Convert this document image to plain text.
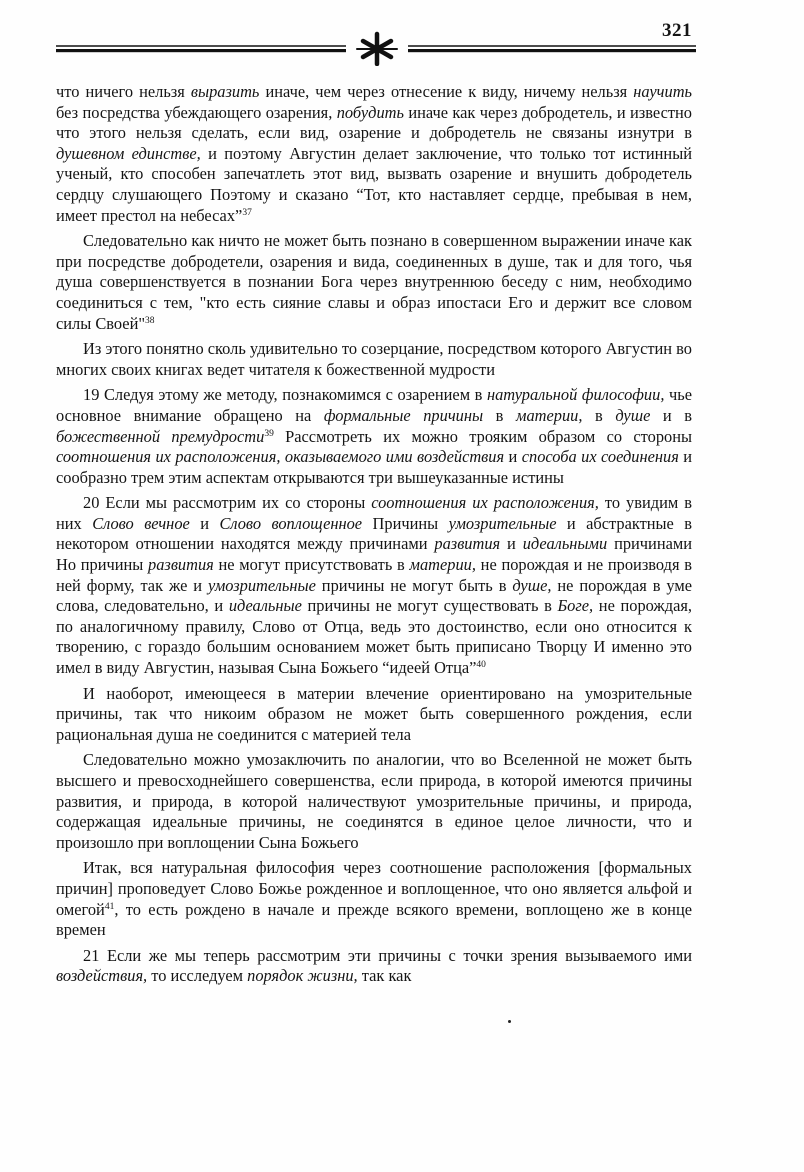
321

что ничего нельзя выразить иначе, чем через отнесение к виду, ничему нельзя научить без посредства убеждающего озарения, побудить иначе как через добродетель, и известно что этого нельзя сделать, если вид, озарение и добродетель не связаны изнутри в душевном единстве, и поэтому Августин делает заключение, что только тот истинный ученый, кто способен запечатлеть этот вид, вызвать озарение и внушить добродетель сердцу слушающего Поэтому и сказано “Тот, кто наставляет сердце, пребывая в нем, имеет престол на небесах”$^{37}$

Следовательно как ничто не может быть познано в совершенном выражении иначе как при посредстве добродетели, озарения и вида, соединенных в душе, так и для того, чья душа совершенствуется в познании Бога через внутреннюю беседу с ним, необходимо соединиться с тем, "кто есть сияние славы и образ ипостаси Его и держит все словом силы Своей"$^{38}$

Из этого понятно сколь удивительно то созерцание, посредством которого Августин во многих своих книгах ведет читателя к божественной мудрости

19 Следуя этому же методу, познакомимся с озарением в натуральной философии, чье основное внимание обращено на формальные причины в материи, в душе и в божественной премудрости$^{39}$ Рассмотреть их можно трояким образом со стороны соотношения их расположения, оказываемого ими воздействия и способа их соединения и сообразно трем этим аспектам открываются три вышеуказанные истины

20 Если мы рассмотрим их со стороны соотношения их расположения, то увидим в них Слово вечное и Слово воплощенное Причины умозрительные и абстрактные в некотором отношении находятся между причинами развития и идеальными причинами Но причины развития не могут присутствовать в материи, не порождая и не производя в ней форму, так же и умозрительные причины не могут быть в душе, не порождая в уме слова, следовательно, и идеальные причины не могут существовать в Боге, не порождая, по аналогичному правилу, Слово от Отца, ведь это достоинство, если оно относится к творению, с гораздо большим основанием может быть приписано Творцу И именно это имел в виду Августин, называя Сына Божьего “идеей Отца”$^{40}$

И наоборот, имеющееся в материи влечение ориентировано на умозрительные причины, так что никоим образом не может быть совершенного рождения, если рациональная душа не соединится с материей тела

Следовательно можно умозаключить по аналогии, что во Вселенной не может быть высшего и превосходнейшего совершенства, если природа, в которой имеются причины развития, и природа, в которой наличествуют умозрительные причины, и природа, содержащая идеальные причины, не соединятся в единое целое личности, что и произошло при воплощении Сына Божьего

Итак, вся натуральная философия через соотношение расположения [формальных причин] проповедует Слово Божье рожденное и воплощенное, что оно является альфой и омегой$^{41}$, то есть рождено в начале и прежде всякого времени, воплощено же в конце времен

21 Если же мы теперь рассмотрим эти причины с точки зрения вызываемого ими воздействия, то исследуем порядок жизни, так как
